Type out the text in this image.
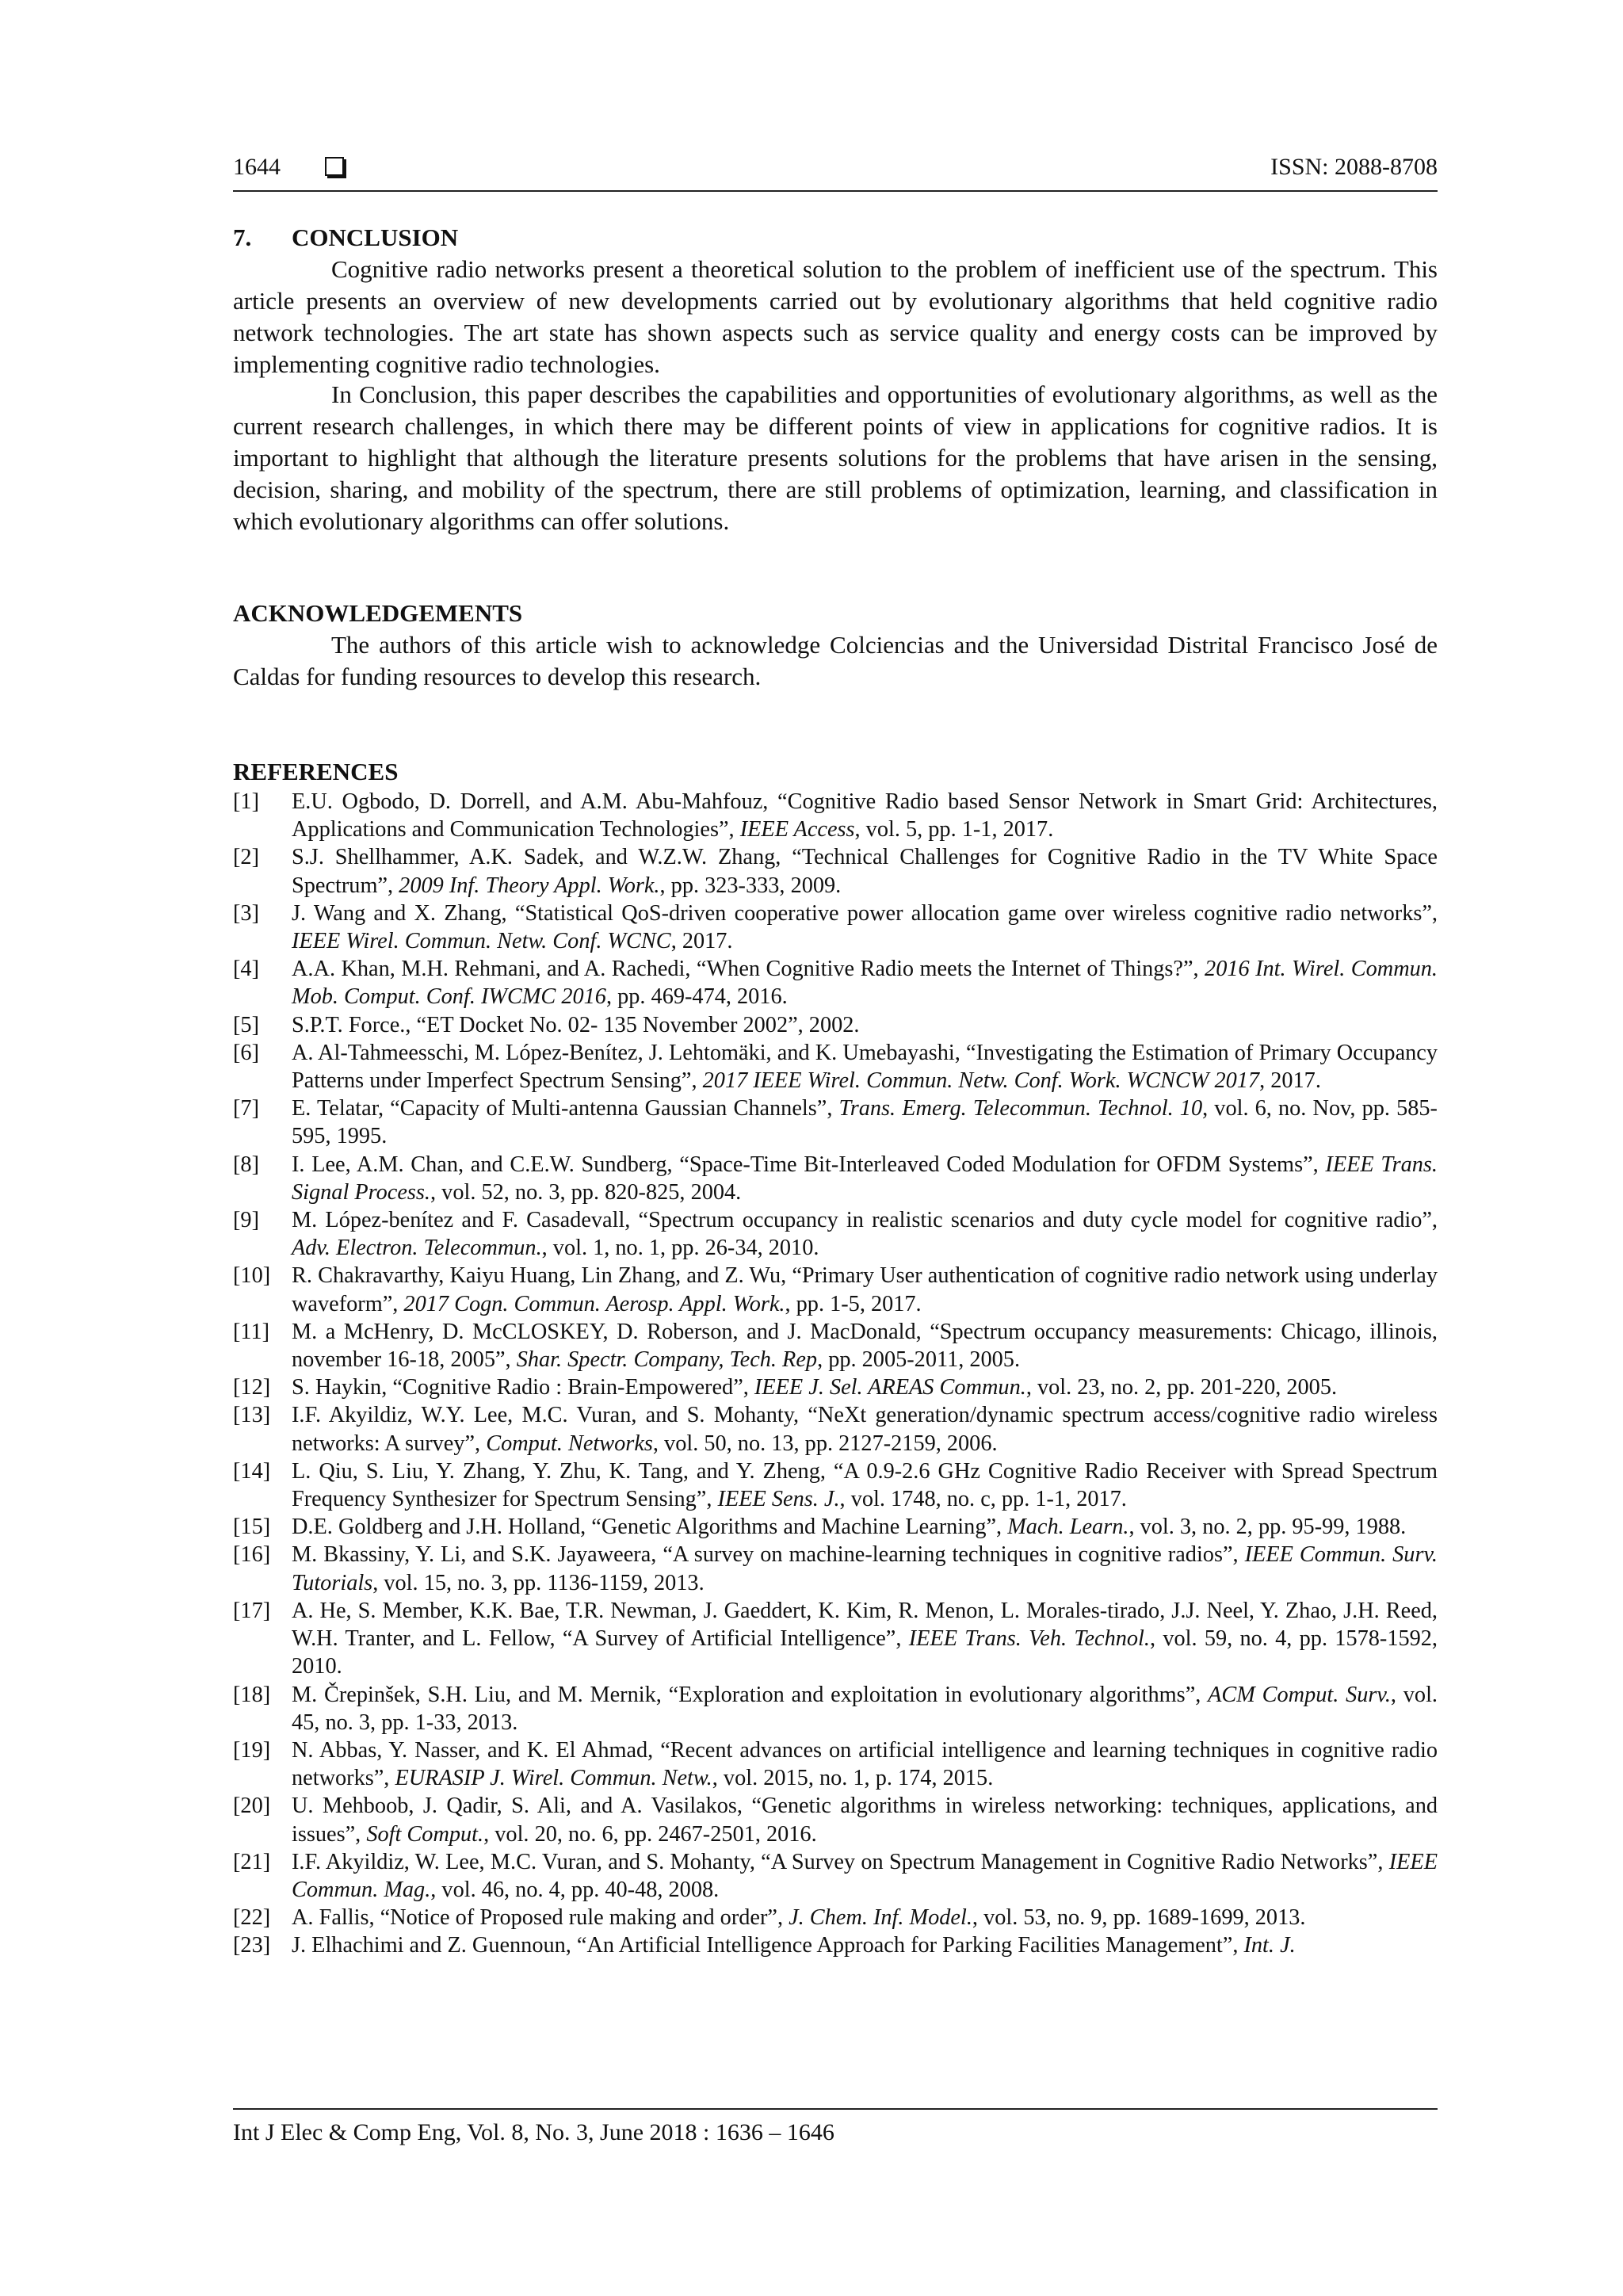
1644	ISSN: 2088-8708
7. CONCLUSION

Cognitive radio networks present a theoretical solution to the problem of inefficient use of the spectrum. This article presents an overview of new developments carried out by evolutionary algorithms that held cognitive radio network technologies. The art state has shown aspects such as service quality and energy costs can be improved by implementing cognitive radio technologies.

In Conclusion, this paper describes the capabilities and opportunities of evolutionary algorithms, as well as the current research challenges, in which there may be different points of view in applications for cognitive radios. It is important to highlight that although the literature presents solutions for the problems that have arisen in the sensing, decision, sharing, and mobility of the spectrum, there are still problems of optimization, learning, and classification in which evolutionary algorithms can offer solutions.

ACKNOWLEDGEMENTS

The authors of this article wish to acknowledge Colciencias and the Universidad Distrital Francisco José de Caldas for funding resources to develop this research.

REFERENCES
[1] E.U. Ogbodo, D. Dorrell, and A.M. Abu-Mahfouz, “Cognitive Radio based Sensor Network in Smart Grid: Architectures, Applications and Communication Technologies”, IEEE Access, vol. 5, pp. 1-1, 2017.
[2] S.J. Shellhammer, A.K. Sadek, and W.Z.W. Zhang, “Technical Challenges for Cognitive Radio in the TV White Space Spectrum”, 2009 Inf. Theory Appl. Work., pp. 323-333, 2009.
[3] J. Wang and X. Zhang, “Statistical QoS-driven cooperative power allocation game over wireless cognitive radio networks”, IEEE Wirel. Commun. Netw. Conf. WCNC, 2017.
[4] A.A. Khan, M.H. Rehmani, and A. Rachedi, “When Cognitive Radio meets the Internet of Things?”, 2016 Int. Wirel. Commun. Mob. Comput. Conf. IWCMC 2016, pp. 469-474, 2016.
[5] S.P.T. Force., “ET Docket No. 02- 135 November 2002”, 2002.
[6] A. Al-Tahmeesschi, M. López-Benítez, J. Lehtomäki, and K. Umebayashi, “Investigating the Estimation of Primary Occupancy Patterns under Imperfect Spectrum Sensing”, 2017 IEEE Wirel. Commun. Netw. Conf. Work. WCNCW 2017, 2017.
[7] E. Telatar, “Capacity of Multi-antenna Gaussian Channels”, Trans. Emerg. Telecommun. Technol. 10, vol. 6, no. Nov, pp. 585-595, 1995.
[8] I. Lee, A.M. Chan, and C.E.W. Sundberg, “Space-Time Bit-Interleaved Coded Modulation for OFDM Systems”, IEEE Trans. Signal Process., vol. 52, no. 3, pp. 820-825, 2004.
[9] M. López-benítez and F. Casadevall, “Spectrum occupancy in realistic scenarios and duty cycle model for cognitive radio”, Adv. Electron. Telecommun., vol. 1, no. 1, pp. 26-34, 2010.
[10] R. Chakravarthy, Kaiyu Huang, Lin Zhang, and Z. Wu, “Primary User authentication of cognitive radio network using underlay waveform”, 2017 Cogn. Commun. Aerosp. Appl. Work., pp. 1-5, 2017.
[11] M. a McHenry, D. McCLOSKEY, D. Roberson, and J. MacDonald, “Spectrum occupancy measurements: Chicago, illinois, november 16-18, 2005”, Shar. Spectr. Company, Tech. Rep, pp. 2005-2011, 2005.
[12] S. Haykin, “Cognitive Radio : Brain-Empowered”, IEEE J. Sel. AREAS Commun., vol. 23, no. 2, pp. 201-220, 2005.
[13] I.F. Akyildiz, W.Y. Lee, M.C. Vuran, and S. Mohanty, “NeXt generation/dynamic spectrum access/cognitive radio wireless networks: A survey”, Comput. Networks, vol. 50, no. 13, pp. 2127-2159, 2006.
[14] L. Qiu, S. Liu, Y. Zhang, Y. Zhu, K. Tang, and Y. Zheng, “A 0.9-2.6 GHz Cognitive Radio Receiver with Spread Spectrum Frequency Synthesizer for Spectrum Sensing”, IEEE Sens. J., vol. 1748, no. c, pp. 1-1, 2017.
[15] D.E. Goldberg and J.H. Holland, “Genetic Algorithms and Machine Learning”, Mach. Learn., vol. 3, no. 2, pp. 95-99, 1988.
[16] M. Bkassiny, Y. Li, and S.K. Jayaweera, “A survey on machine-learning techniques in cognitive radios”, IEEE Commun. Surv. Tutorials, vol. 15, no. 3, pp. 1136-1159, 2013.
[17] A. He, S. Member, K.K. Bae, T.R. Newman, J. Gaeddert, K. Kim, R. Menon, L. Morales-tirado, J.J. Neel, Y. Zhao, J.H. Reed, W.H. Tranter, and L. Fellow, “A Survey of Artificial Intelligence”, IEEE Trans. Veh. Technol., vol. 59, no. 4, pp. 1578-1592, 2010.
[18] M. Črepinšek, S.H. Liu, and M. Mernik, “Exploration and exploitation in evolutionary algorithms”, ACM Comput. Surv., vol. 45, no. 3, pp. 1-33, 2013.
[19] N. Abbas, Y. Nasser, and K. El Ahmad, “Recent advances on artificial intelligence and learning techniques in cognitive radio networks”, EURASIP J. Wirel. Commun. Netw., vol. 2015, no. 1, p. 174, 2015.
[20] U. Mehboob, J. Qadir, S. Ali, and A. Vasilakos, “Genetic algorithms in wireless networking: techniques, applications, and issues”, Soft Comput., vol. 20, no. 6, pp. 2467-2501, 2016.
[21] I.F. Akyildiz, W. Lee, M.C. Vuran, and S. Mohanty, “A Survey on Spectrum Management in Cognitive Radio Networks”, IEEE Commun. Mag., vol. 46, no. 4, pp. 40-48, 2008.
[22] A. Fallis, “Notice of Proposed rule making and order”, J. Chem. Inf. Model., vol. 53, no. 9, pp. 1689-1699, 2013.
[23] J. Elhachimi and Z. Guennoun, “An Artificial Intelligence Approach for Parking Facilities Management”, Int. J.
Int J Elec & Comp Eng, Vol. 8, No. 3, June 2018 : 1636 – 1646
